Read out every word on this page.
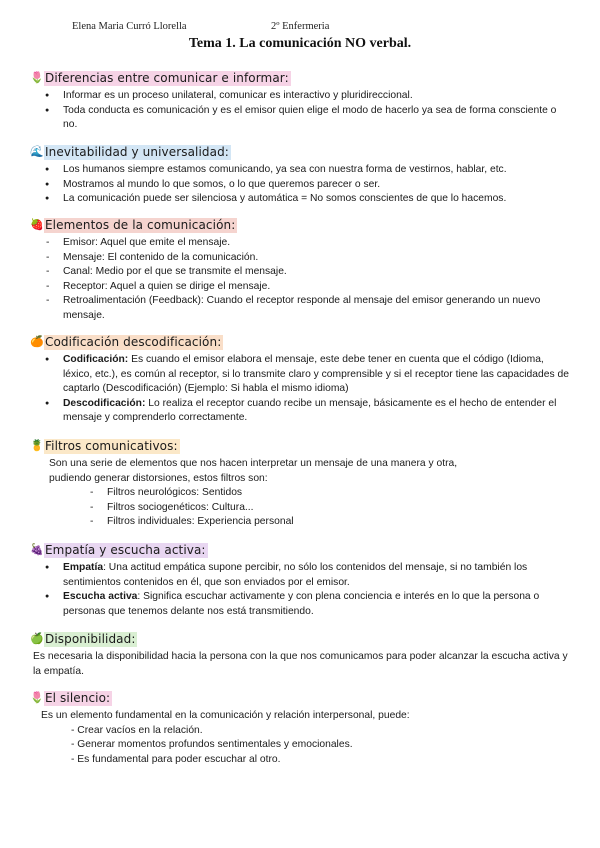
Elena Maria Curró Llorella	2º Enfermeria
Tema 1. La comunicación NO verbal.
🌷 Diferencias entre comunicar e informar:
● Informar es un proceso unilateral, comunicar es interactivo y pluridireccional.
● Toda conducta es comunicación y es el emisor quien elige el modo de hacerlo ya sea de forma consciente o no.
🌊 Inevitabilidad y universalidad:
● Los humanos siempre estamos comunicando, ya sea con nuestra forma de vestirnos, hablar, etc.
● Mostramos al mundo lo que somos, o lo que queremos parecer o ser.
● La comunicación puede ser silenciosa y automática = No somos conscientes de que lo hacemos.
🍓 Elementos de la comunicación:
- Emisor: Aquel que emite el mensaje.
- Mensaje: El contenido de la comunicación.
- Canal: Medio por el que se transmite el mensaje.
- Receptor: Aquel a quien se dirige el mensaje.
- Retroalimentación (Feedback): Cuando el receptor responde al mensaje del emisor generando un nuevo mensaje.
🍊 Codificación descodificación:
● Codificación: Es cuando el emisor elabora el mensaje, este debe tener en cuenta que el código (Idioma, léxico, etc.), es común al receptor, si lo transmite claro y comprensible y si el receptor tiene las capacidades de captarlo (Descodificación) (Ejemplo: Si habla el mismo idioma)
● Descodificación: Lo realiza el receptor cuando recibe un mensaje, básicamente es el hecho de entender el mensaje y comprenderlo correctamente.
🍍 Filtros comunicativos:
Son una serie de elementos que nos hacen interpretar un mensaje de una manera y otra,
pudiendo generar distorsiones, estos filtros son:
- Filtros neurológicos: Sentidos
- Filtros sociogenéticos: Cultura...
- Filtros individuales: Experiencia personal
🍇 Empatía y escucha activa:
● Empatía: Una actitud empática supone percibir, no sólo los contenidos del mensaje, si no también los sentimientos contenidos en él, que son enviados por el emisor.
● Escucha activa: Significa escuchar activamente y con plena conciencia e interés en lo que la persona o personas que tenemos delante nos está transmitiendo.
🍏 Disponibilidad:
Es necesaria la disponibilidad hacia la persona con la que nos comunicamos para poder alcanzar la escucha activa y la empatía.
🌷 El silencio:
Es un elemento fundamental en la comunicación y relación interpersonal, puede:
- Crear vacíos en la relación.
- Generar momentos profundos sentimentales y emocionales.
- Es fundamental para poder escuchar al otro.
